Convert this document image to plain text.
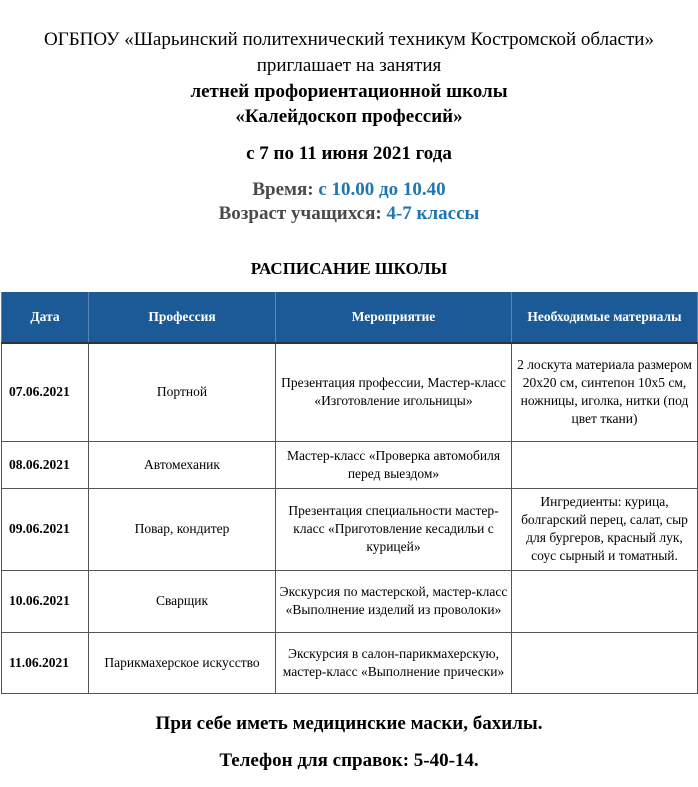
ОГБПОУ «Шарьинский политехнический техникум Костромской области»
приглашает на занятия
летней профориентационной школы
«Калейдоскоп профессий»
с 7 по 11 июня 2021 года
Время: с 10.00 до 10.40
Возраст учащихся: 4-7 классы
РАСПИСАНИЕ ШКОЛЫ
Дата	Профессия	Мероприятие	Необходимые материалы
07.06.2021	Портной	Презентация профессии, Мастер-класс «Изготовление игольницы»	2 лоскута материала размером 20х20 см, синтепон 10х5 см, ножницы, иголка, нитки (под цвет ткани)
08.06.2021	Автомеханик	Мастер-класс «Проверка автомобиля перед выездом»	
09.06.2021	Повар, кондитер	Презентация специальности мастер-класс «Приготовление кесадильи с курицей»	Ингредиенты: курица, болгарский перец, салат, сыр для бургеров, красный лук, соус сырный и томатный.
10.06.2021	Сварщик	Экскурсия по мастерской, мастер-класс «Выполнение изделий из проволоки»	
11.06.2021	Парикмахерское искусство	Экскурсия в салон-парикмахерскую, мастер-класс «Выполнение прически»	
При себе иметь медицинские маски, бахилы.
Телефон для справок: 5-40-14.
